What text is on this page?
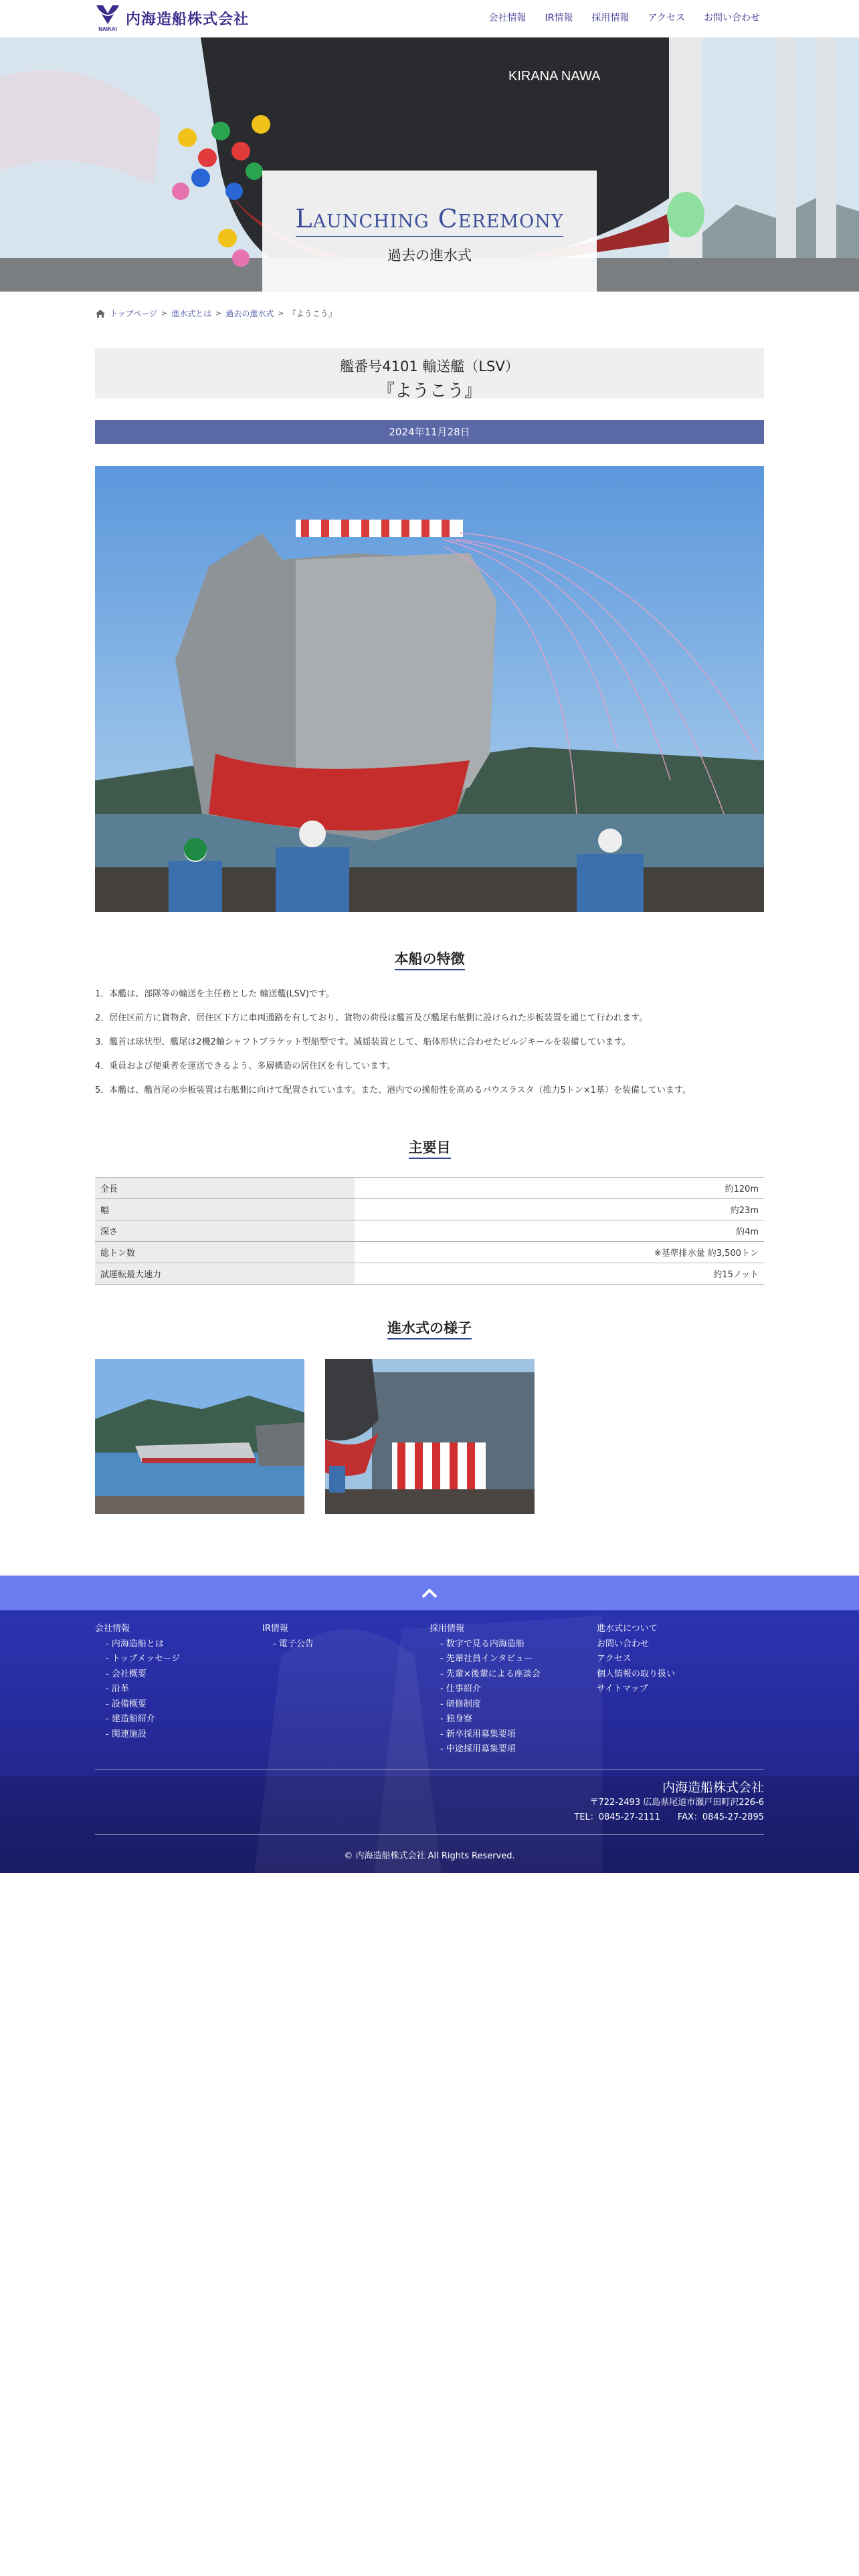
NAIKAI
内海造船株式会社	会社情報 IR情報 採用情報 アクセス お問い合わせ
KIRANA NAWA
Launching Ceremony
過去の進水式
トップページ > 進水式とは > 過去の進水式 > 『ようこう』
艦番号4101 輸送艦（LSV）
『ようこう』
2024年11月28日
本船の特徴
1．本艦は、部隊等の輸送を主任務とした 輸送艦(LSV)です。
2．居住区前方に貨物倉、居住区下方に車両通路を有しており、貨物の荷役は艦首及び艦尾右舷側に設けられた歩板装置を通じて行われます。
3．艦首は球状型、艦尾は2機2軸シャフトブラケット型船型です。減揺装置として、船体形状に合わせたビルジキールを装備しています。
4．乗員および便乗者を運送できるよう、多層構造の居住区を有しています。
5．本艦は、艦首尾の歩板装置は右舷側に向けて配置されています。また、港内での操船性を高めるバウスラスタ（推力5トン×1基）を装備しています。
主要目
全長	約120m
幅	約23m
深さ	約4m
総トン数	※基準排水量 約3,500トン
試運転最大速力	約15ノット
進水式の様子
会社情報
- 内海造船とは
- トップメッセージ
- 会社概要
- 沿革
- 設備概要
- 建造船紹介
- 関連施設
IR情報
- 電子公告
採用情報
- 数字で見る内海造船
- 先輩社員インタビュー
- 先輩×後輩による座談会
- 仕事紹介
- 研修制度
- 独身寮
- 新卒採用募集要項
- 中途採用募集要項
進水式について
お問い合わせ
アクセス
個人情報の取り扱い
サイトマップ
内海造船株式会社
〒722-2493 広島県尾道市瀬戸田町沢226-6
TEL：0845-27-2111　　FAX：0845-27-2895
© 内海造船株式会社 All Rights Reserved.
